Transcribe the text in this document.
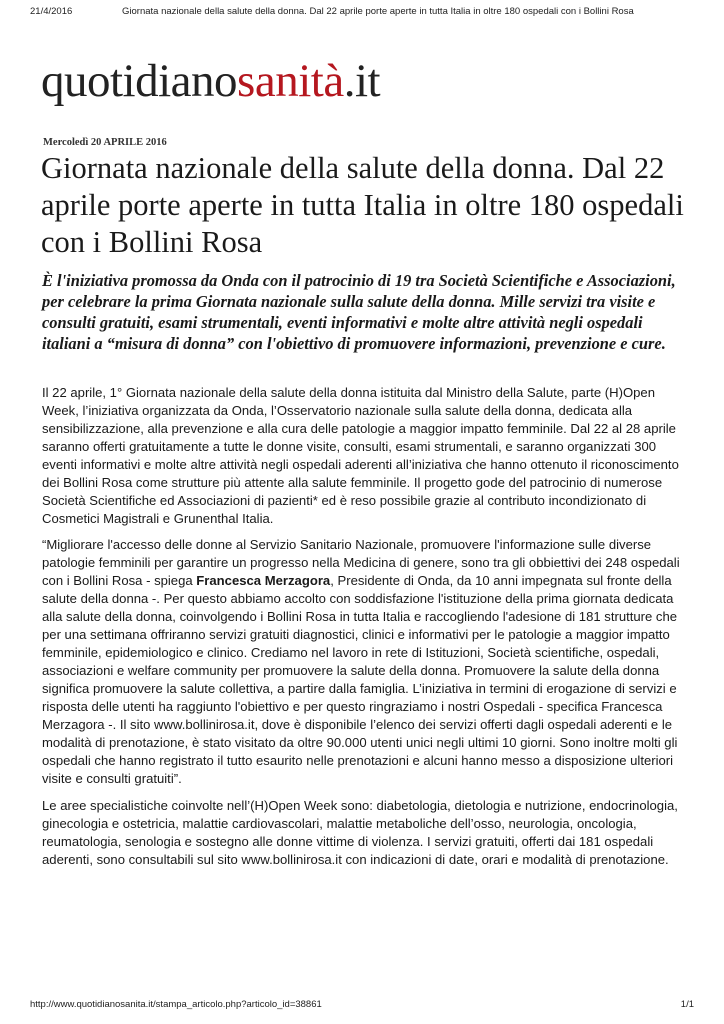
21/4/2016	Giornata nazionale della salute della donna. Dal 22 aprile porte aperte in tutta Italia in oltre 180 ospedali con i Bollini Rosa
quotidianosanità.it
Mercoledì 20 APRILE 2016
Giornata nazionale della salute della donna. Dal 22 aprile porte aperte in tutta Italia in oltre 180 ospedali con i Bollini Rosa

È l'iniziativa promossa da Onda con il patrocinio di 19 tra Società Scientifiche e Associazioni, per celebrare la prima Giornata nazionale sulla salute della donna. Mille servizi tra visite e consulti gratuiti, esami strumentali, eventi informativi e molte altre attività negli ospedali italiani a “misura di donna” con l'obiettivo di promuovere informazioni, prevenzione e cure.

Il 22 aprile, 1° Giornata nazionale della salute della donna istituita dal Ministro della Salute, parte (H)Open Week, l’iniziativa organizzata da Onda, l’Osservatorio nazionale sulla salute della donna, dedicata alla sensibilizzazione, alla prevenzione e alla cura delle patologie a maggior impatto femminile. Dal 22 al 28 aprile saranno offerti gratuitamente a tutte le donne visite, consulti, esami strumentali, e saranno organizzati 300 eventi informativi e molte altre attività negli ospedali aderenti all’iniziativa che hanno ottenuto il riconoscimento dei Bollini Rosa come strutture più attente alla salute femminile. Il progetto gode del patrocinio di numerose Società Scientifiche ed Associazioni di pazienti* ed è reso possibile grazie al contributo incondizionato di Cosmetici Magistrali e Grunenthal Italia.

“Migliorare l'accesso delle donne al Servizio Sanitario Nazionale, promuovere l'informazione sulle diverse patologie femminili per garantire un progresso nella Medicina di genere, sono tra gli obbiettivi dei 248 ospedali con i Bollini Rosa - spiega Francesca Merzagora, Presidente di Onda, da 10 anni impegnata sul fronte della salute della donna -. Per questo abbiamo accolto con soddisfazione l'istituzione della prima giornata dedicata alla salute della donna, coinvolgendo i Bollini Rosa in tutta Italia e raccogliendo l'adesione di 181 strutture che per una settimana offriranno servizi gratuiti diagnostici, clinici e informativi per le patologie a maggior impatto femminile, epidemiologico e clinico. Crediamo nel lavoro in rete di Istituzioni, Società scientifiche, ospedali, associazioni e welfare community per promuovere la salute della donna. Promuovere la salute della donna significa promuovere la salute collettiva, a partire dalla famiglia. L’iniziativa in termini di erogazione di servizi e risposta delle utenti ha raggiunto l'obiettivo e per questo ringraziamo i nostri Ospedali - specifica Francesca Merzagora -. Il sito www.bollinirosa.it, dove è disponibile l’elenco dei servizi offerti dagli ospedali aderenti e le modalità di prenotazione, è stato visitato da oltre 90.000 utenti unici negli ultimi 10 giorni. Sono inoltre molti gli ospedali che hanno registrato il tutto esaurito nelle prenotazioni e alcuni hanno messo a disposizione ulteriori visite e consulti gratuiti”.

Le aree specialistiche coinvolte nell’(H)Open Week sono: diabetologia, dietologia e nutrizione, endocrinologia, ginecologia e ostetricia, malattie cardiovascolari, malattie metaboliche dell’osso, neurologia, oncologia, reumatologia, senologia e sostegno alle donne vittime di violenza. I servizi gratuiti, offerti dai 181 ospedali aderenti, sono consultabili sul sito www.bollinirosa.it con indicazioni di date, orari e modalità di prenotazione.

http://www.quotidianosanita.it/stampa_articolo.php?articolo_id=38861	1/1
